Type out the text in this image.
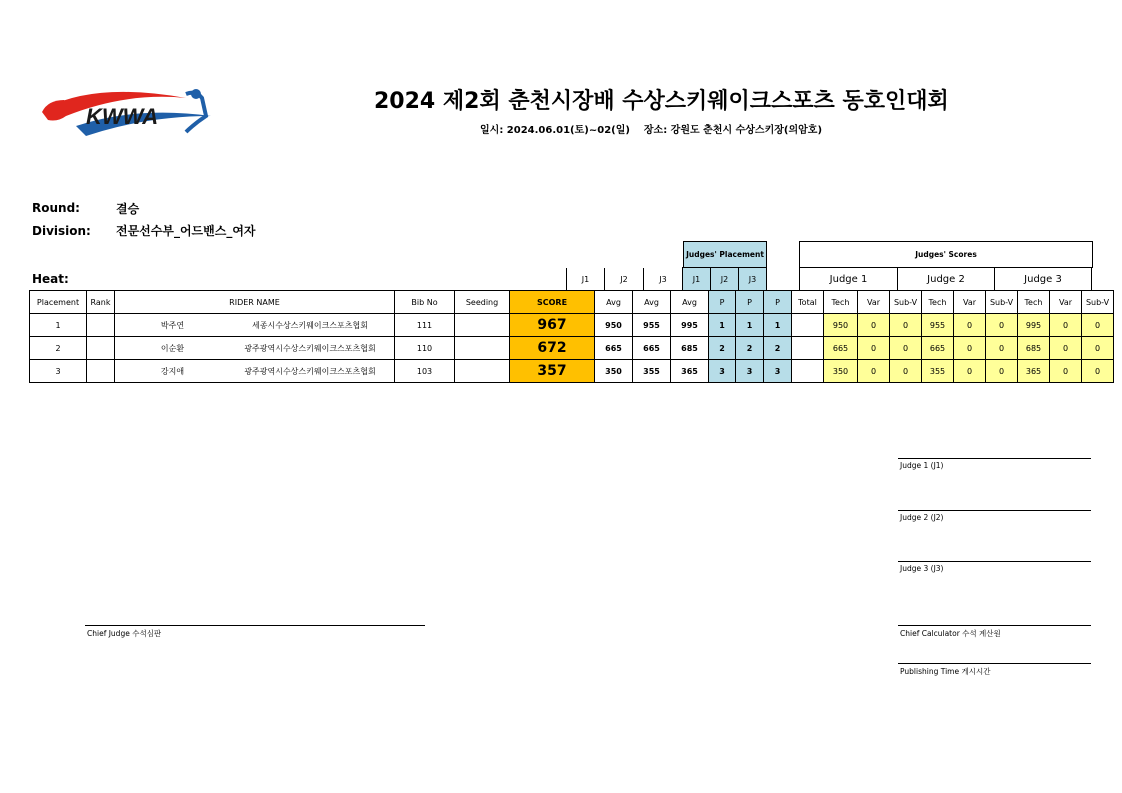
KWWA
2024 제2회 춘천시장배 수상스키웨이크스포츠 동호인대회
일시: 2024.06.01(토)~02(일)    장소: 강원도 춘천시 수상스키장(의암호)
Round:	결승
Division: 전문선수부_어드밴스_여자
Heat:
Judges' Placement	Judges' Scores
J1	J2	J3	J1	J2	J3		Judge 1	Judge 2	Judge 3
Placement	Rank	RIDER NAME	Bib No	Seeding	SCORE	Avg	Avg	Avg	P	P	P	Total	Tech	Var	Sub-V	Tech	Var	Sub-V	Tech	Var	Sub-V
1		박주연 세종시수상스키웨이크스포츠협회	111		967	950	955	995	1	1	1		950	0	0	955	0	0	995	0	0
2		이순환 광주광역시수상스키웨이크스포츠협회	110		672	665	665	685	2	2	2		665	0	0	665	0	0	685	0	0
3		강지애 광주광역시수상스키웨이크스포츠협회	103		357	350	355	365	3	3	3		350	0	0	355	0	0	365	0	0
Judge 1 (J1)
Judge 2 (J2)
Judge 3 (J3)
Chief Judge 수석심판	Chief Calculator 수석 계산원
Publishing Time 게시시간
